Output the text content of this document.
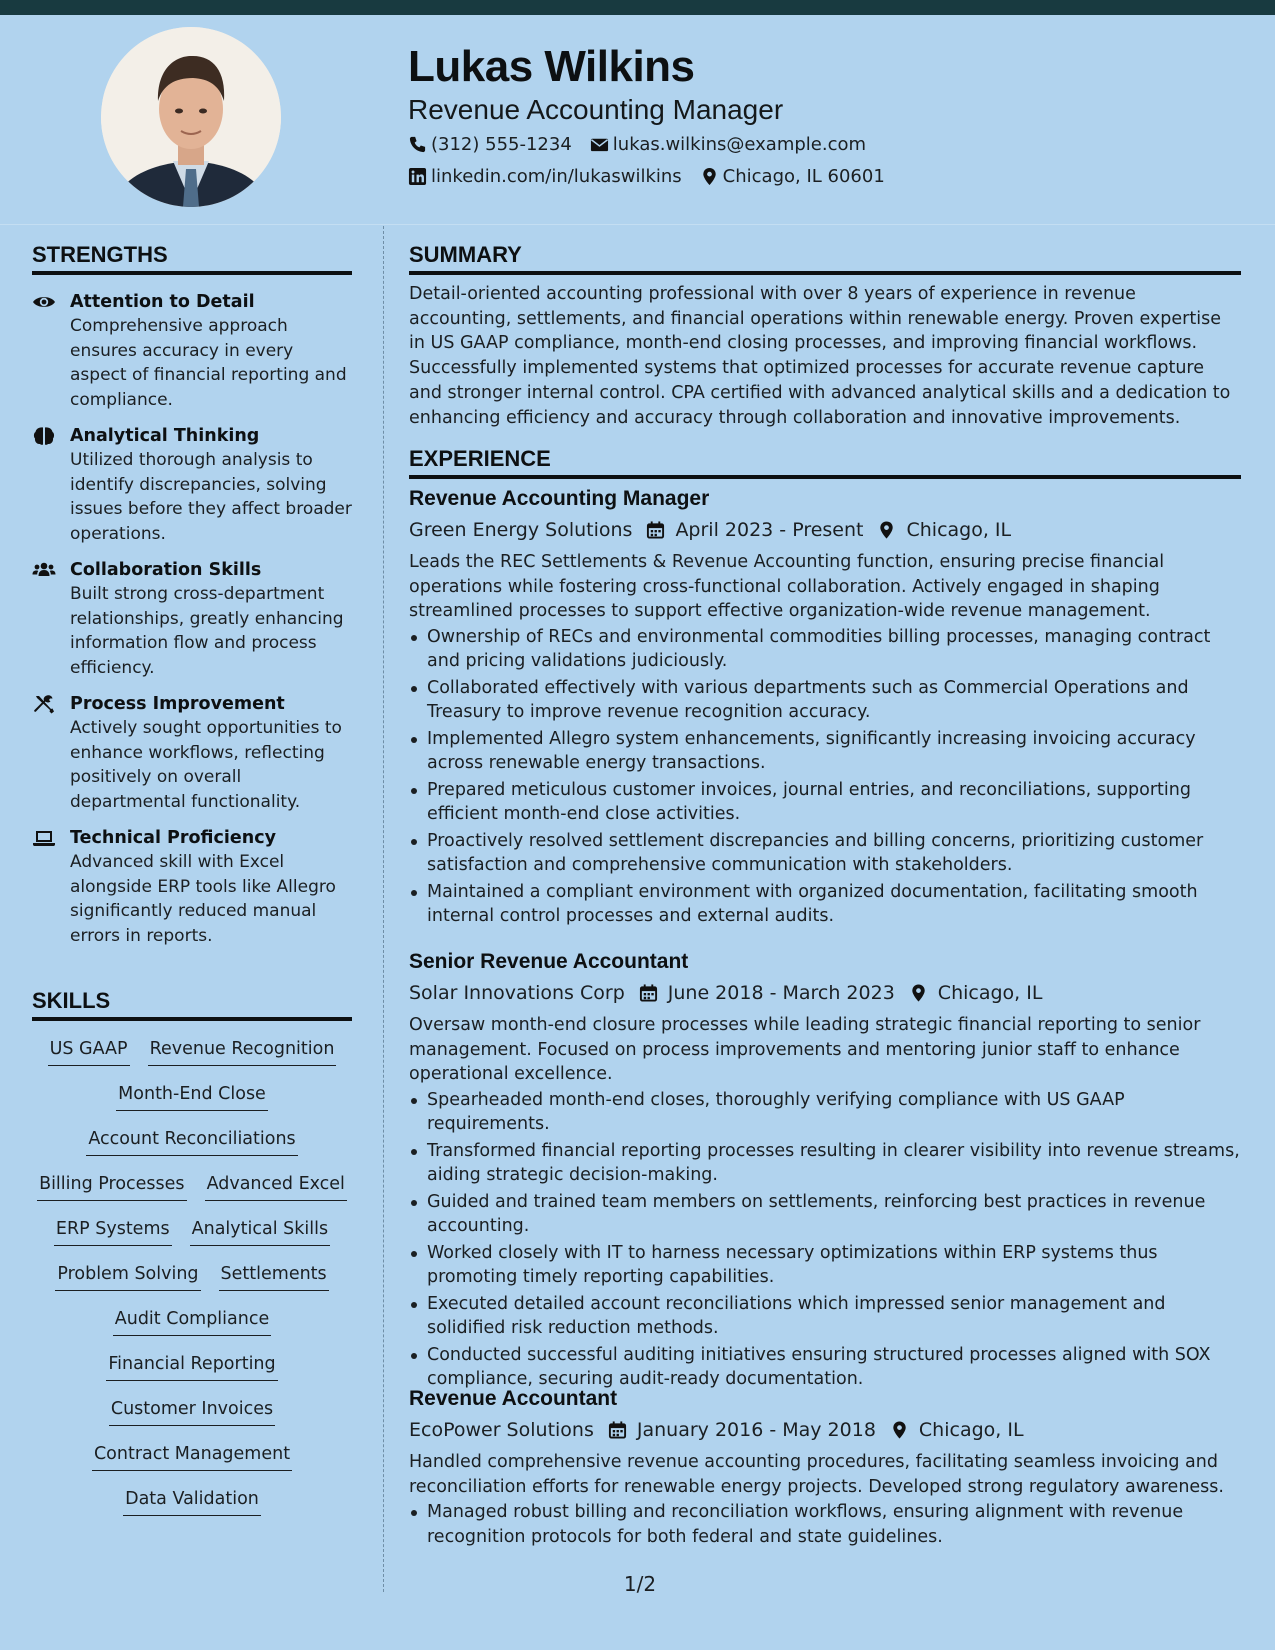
Lukas Wilkins
Revenue Accounting Manager
(312) 555-1234 lukas.wilkins@example.com
linkedin.com/in/lukaswilkins Chicago, IL 60601
STRENGTHS
Attention to Detail
Comprehensive approach ensures accuracy in every aspect of financial reporting and compliance.
Analytical Thinking
Utilized thorough analysis to identify discrepancies, solving issues before they affect broader operations.
Collaboration Skills
Built strong cross-department relationships, greatly enhancing information flow and process efficiency.
Process Improvement
Actively sought opportunities to enhance workflows, reflecting positively on overall departmental functionality.
Technical Proficiency
Advanced skill with Excel alongside ERP tools like Allegro significantly reduced manual errors in reports.
SKILLS
US GAAP Revenue Recognition
Month-End Close
Account Reconciliations
Billing Processes Advanced Excel
ERP Systems Analytical Skills
Problem Solving Settlements
Audit Compliance
Financial Reporting
Customer Invoices
Contract Management
Data Validation
SUMMARY
Detail-oriented accounting professional with over 8 years of experience in revenue accounting, settlements, and financial operations within renewable energy. Proven expertise in US GAAP compliance, month-end closing processes, and improving financial workflows. Successfully implemented systems that optimized processes for accurate revenue capture and stronger internal control. CPA certified with advanced analytical skills and a dedication to enhancing efficiency and accuracy through collaboration and innovative improvements.
EXPERIENCE
Revenue Accounting Manager
Green Energy Solutions April 2023 - Present Chicago, IL
Leads the REC Settlements & Revenue Accounting function, ensuring precise financial operations while fostering cross-functional collaboration. Actively engaged in shaping streamlined processes to support effective organization-wide revenue management.
Ownership of RECs and environmental commodities billing processes, managing contract and pricing validations judiciously.
Collaborated effectively with various departments such as Commercial Operations and Treasury to improve revenue recognition accuracy.
Implemented Allegro system enhancements, significantly increasing invoicing accuracy across renewable energy transactions.
Prepared meticulous customer invoices, journal entries, and reconciliations, supporting efficient month-end close activities.
Proactively resolved settlement discrepancies and billing concerns, prioritizing customer satisfaction and comprehensive communication with stakeholders.
Maintained a compliant environment with organized documentation, facilitating smooth internal control processes and external audits.
Senior Revenue Accountant
Solar Innovations Corp June 2018 - March 2023 Chicago, IL
Oversaw month-end closure processes while leading strategic financial reporting to senior management. Focused on process improvements and mentoring junior staff to enhance operational excellence.
Spearheaded month-end closes, thoroughly verifying compliance with US GAAP requirements.
Transformed financial reporting processes resulting in clearer visibility into revenue streams, aiding strategic decision-making.
Guided and trained team members on settlements, reinforcing best practices in revenue accounting.
Worked closely with IT to harness necessary optimizations within ERP systems thus promoting timely reporting capabilities.
Executed detailed account reconciliations which impressed senior management and solidified risk reduction methods.
Conducted successful auditing initiatives ensuring structured processes aligned with SOX compliance, securing audit-ready documentation.
Revenue Accountant
EcoPower Solutions January 2016 - May 2018 Chicago, IL
Handled comprehensive revenue accounting procedures, facilitating seamless invoicing and reconciliation efforts for renewable energy projects. Developed strong regulatory awareness.
Managed robust billing and reconciliation workflows, ensuring alignment with revenue recognition protocols for both federal and state guidelines.
1/2
